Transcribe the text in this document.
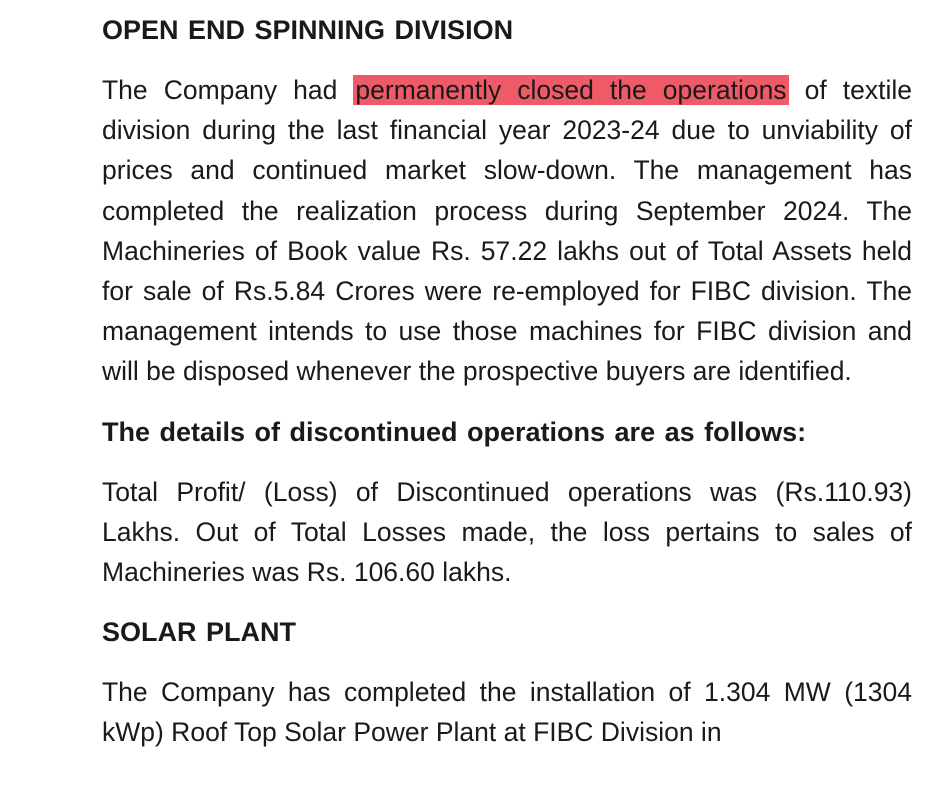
OPEN END SPINNING DIVISION

The Company had permanently closed the operations of textile division during the last financial year 2023-24 due to unviability of prices and continued market slow-down. The management has completed the realization process during September 2024. The Machineries of Book value Rs. 57.22 lakhs out of Total Assets held for sale of Rs.5.84 Crores were re-employed for FIBC division. The management intends to use those machines for FIBC division and will be disposed whenever the prospective buyers are identified.

The details of discontinued operations are as follows:

Total Profit/ (Loss) of Discontinued operations was (Rs.110.93) Lakhs. Out of Total Losses made, the loss pertains to sales of Machineries was Rs. 106.60 lakhs.

SOLAR PLANT

The Company has completed the installation of 1.304 MW (1304 kWp) Roof Top Solar Power Plant at FIBC Division in
